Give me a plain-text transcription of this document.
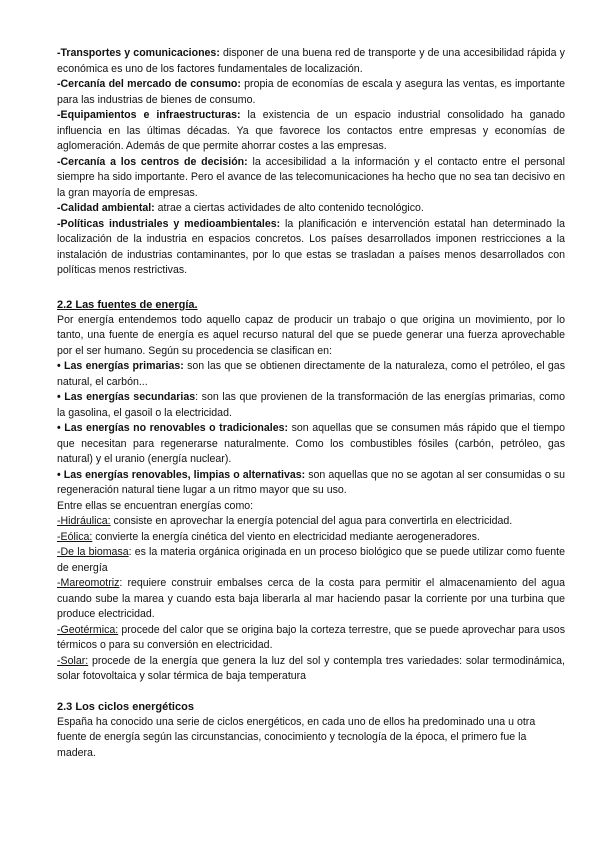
-Transportes y comunicaciones: disponer de una buena red de transporte y de una accesibilidad rápida y económica es uno de los factores fundamentales de localización.

-Cercanía del mercado de consumo: propia de economías de escala y asegura las ventas, es importante para las industrias de bienes de consumo.

-Equipamientos e infraestructuras: la existencia de un espacio industrial consolidado ha ganado influencia en las últimas décadas. Ya que favorece los contactos entre empresas y economías de aglomeración. Además de que permite ahorrar costes a las empresas.

-Cercanía a los centros de decisión: la accesibilidad a la información y el contacto entre el personal siempre ha sido importante. Pero el avance de las telecomunicaciones ha hecho que no sea tan decisivo en la gran mayoría de empresas.

-Calidad ambiental: atrae a ciertas actividades de alto contenido tecnológico.

-Políticas industriales y medioambientales: la planificación e intervención estatal han determinado la localización de la industria en espacios concretos. Los países desarrollados imponen restricciones a la instalación de industrias contaminantes, por lo que estas se trasladan a países menos desarrollados con políticas menos restrictivas.

2.2 Las fuentes de energía.

Por energía entendemos todo aquello capaz de producir un trabajo o que origina un movimiento, por lo tanto, una fuente de energía es aquel recurso natural del que se puede generar una fuerza aprovechable por el ser humano. Según su procedencia se clasifican en:

• Las energías primarias: son las que se obtienen directamente de la naturaleza, como el petróleo, el gas natural, el carbón...

• Las energías secundarias: son las que provienen de la transformación de las energías primarias, como la gasolina, el gasoil o la electricidad.

• Las energías no renovables o tradicionales: son aquellas que se consumen más rápido que el tiempo que necesitan para regenerarse naturalmente. Como los combustibles fósiles (carbón, petróleo, gas natural) y el uranio (energía nuclear).

• Las energías renovables, limpias o alternativas: son aquellas que no se agotan al ser consumidas o su regeneración natural tiene lugar a un ritmo mayor que su uso.

Entre ellas se encuentran energías como:

-Hidráulica: consiste en aprovechar la energía potencial del agua para convertirla en electricidad.

-Eólica: convierte la energía cinética del viento en electricidad mediante aerogeneradores.

-De la biomasa: es la materia orgánica originada en un proceso biológico que se puede utilizar como fuente de energía

-Mareomotriz: requiere construir embalses cerca de la costa para permitir el almacenamiento del agua cuando sube la marea y cuando esta baja liberarla al mar haciendo pasar la corriente por una turbina que produce electricidad.

-Geotérmica: procede del calor que se origina bajo la corteza terrestre, que se puede aprovechar para usos térmicos o para su conversión en electricidad.

-Solar: procede de la energía que genera la luz del sol y contempla tres variedades: solar termodinámica, solar fotovoltaica y solar térmica de baja temperatura

2.3 Los ciclos energéticos

España ha conocido una serie de ciclos energéticos, en cada uno de ellos ha predominado una u otra fuente de energía según las circunstancias, conocimiento y tecnología de la época, el primero fue la madera.
